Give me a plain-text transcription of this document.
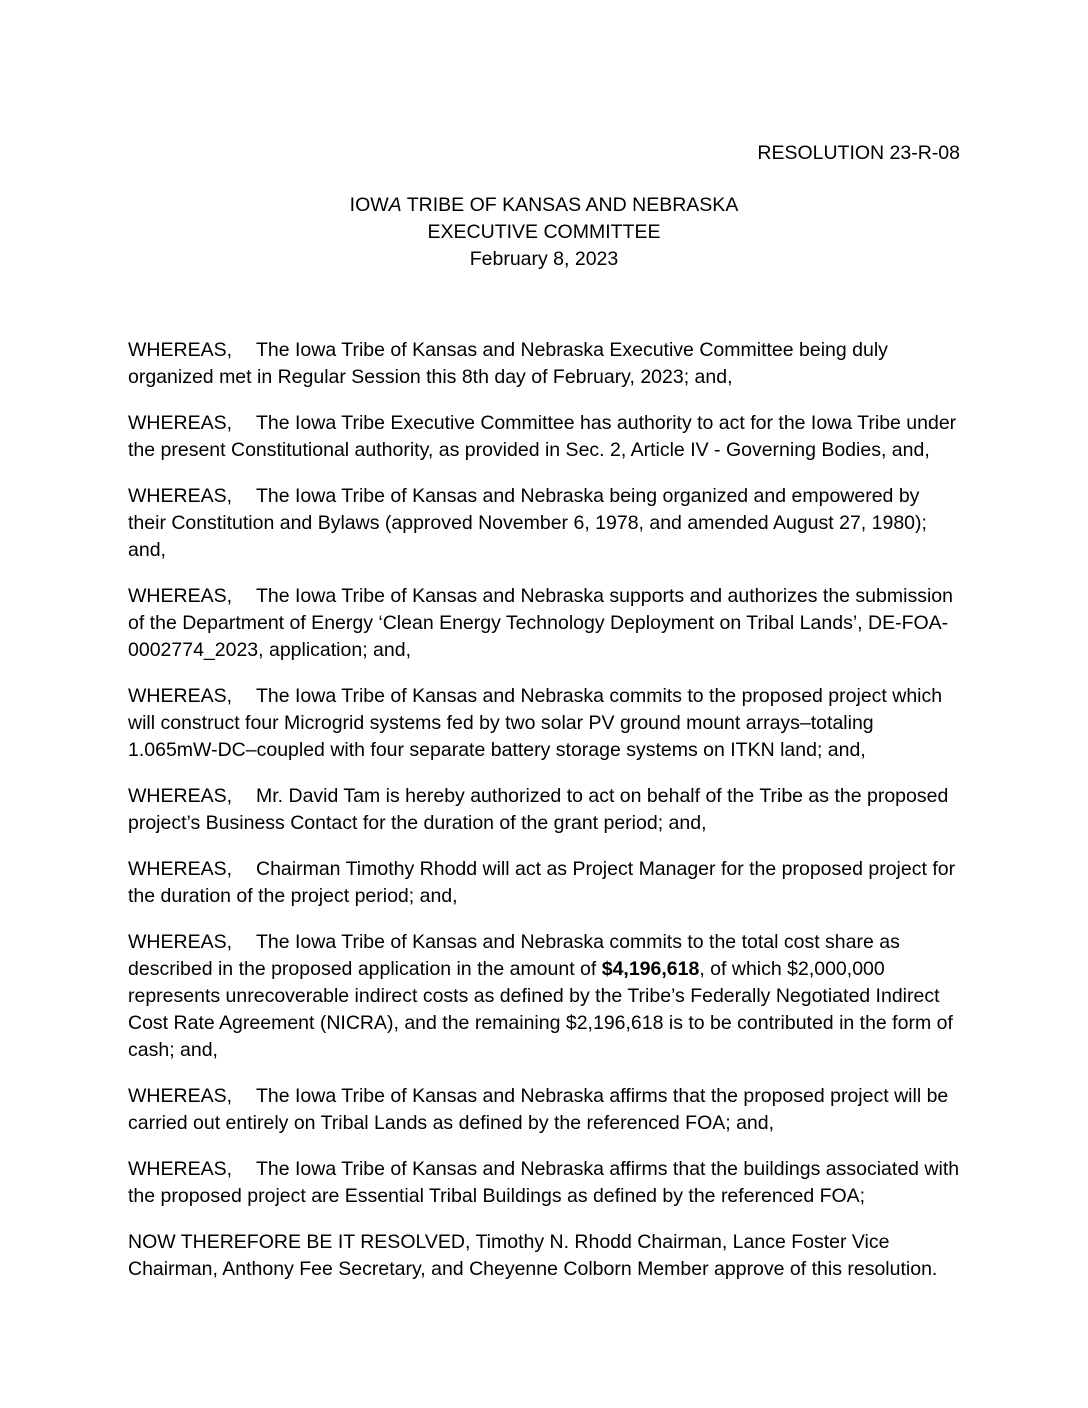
RESOLUTION 23-R-08
IOWA TRIBE OF KANSAS AND NEBRASKA
EXECUTIVE COMMITTEE
February 8, 2023

WHEREAS, The Iowa Tribe of Kansas and Nebraska Executive Committee being duly organized met in Regular Session this 8th day of February, 2023; and,

WHEREAS, The Iowa Tribe Executive Committee has authority to act for the Iowa Tribe under the present Constitutional authority, as provided in Sec. 2, Article IV - Governing Bodies, and,

WHEREAS, The Iowa Tribe of Kansas and Nebraska being organized and empowered by their Constitution and Bylaws (approved November 6, 1978, and amended August 27, 1980); and,

WHEREAS, The Iowa Tribe of Kansas and Nebraska supports and authorizes the submission of the Department of Energy ‘Clean Energy Technology Deployment on Tribal Lands’, DE-FOA-0002774_2023, application; and,

WHEREAS, The Iowa Tribe of Kansas and Nebraska commits to the proposed project which will construct four Microgrid systems fed by two solar PV ground mount arrays–totaling 1.065mW-DC–coupled with four separate battery storage systems on ITKN land; and,

WHEREAS, Mr. David Tam is hereby authorized to act on behalf of the Tribe as the proposed project’s Business Contact for the duration of the grant period; and,

WHEREAS, Chairman Timothy Rhodd will act as Project Manager for the proposed project for the duration of the project period; and,

WHEREAS, The Iowa Tribe of Kansas and Nebraska commits to the total cost share as described in the proposed application in the amount of $4,196,618, of which $2,000,000 represents unrecoverable indirect costs as defined by the Tribe’s Federally Negotiated Indirect Cost Rate Agreement (NICRA), and the remaining $2,196,618 is to be contributed in the form of cash; and,

WHEREAS, The Iowa Tribe of Kansas and Nebraska affirms that the proposed project will be carried out entirely on Tribal Lands as defined by the referenced FOA; and,

WHEREAS, The Iowa Tribe of Kansas and Nebraska affirms that the buildings associated with the proposed project are Essential Tribal Buildings as defined by the referenced FOA;

NOW THEREFORE BE IT RESOLVED, Timothy N. Rhodd Chairman, Lance Foster Vice Chairman, Anthony Fee Secretary, and Cheyenne Colborn Member approve of this resolution.
